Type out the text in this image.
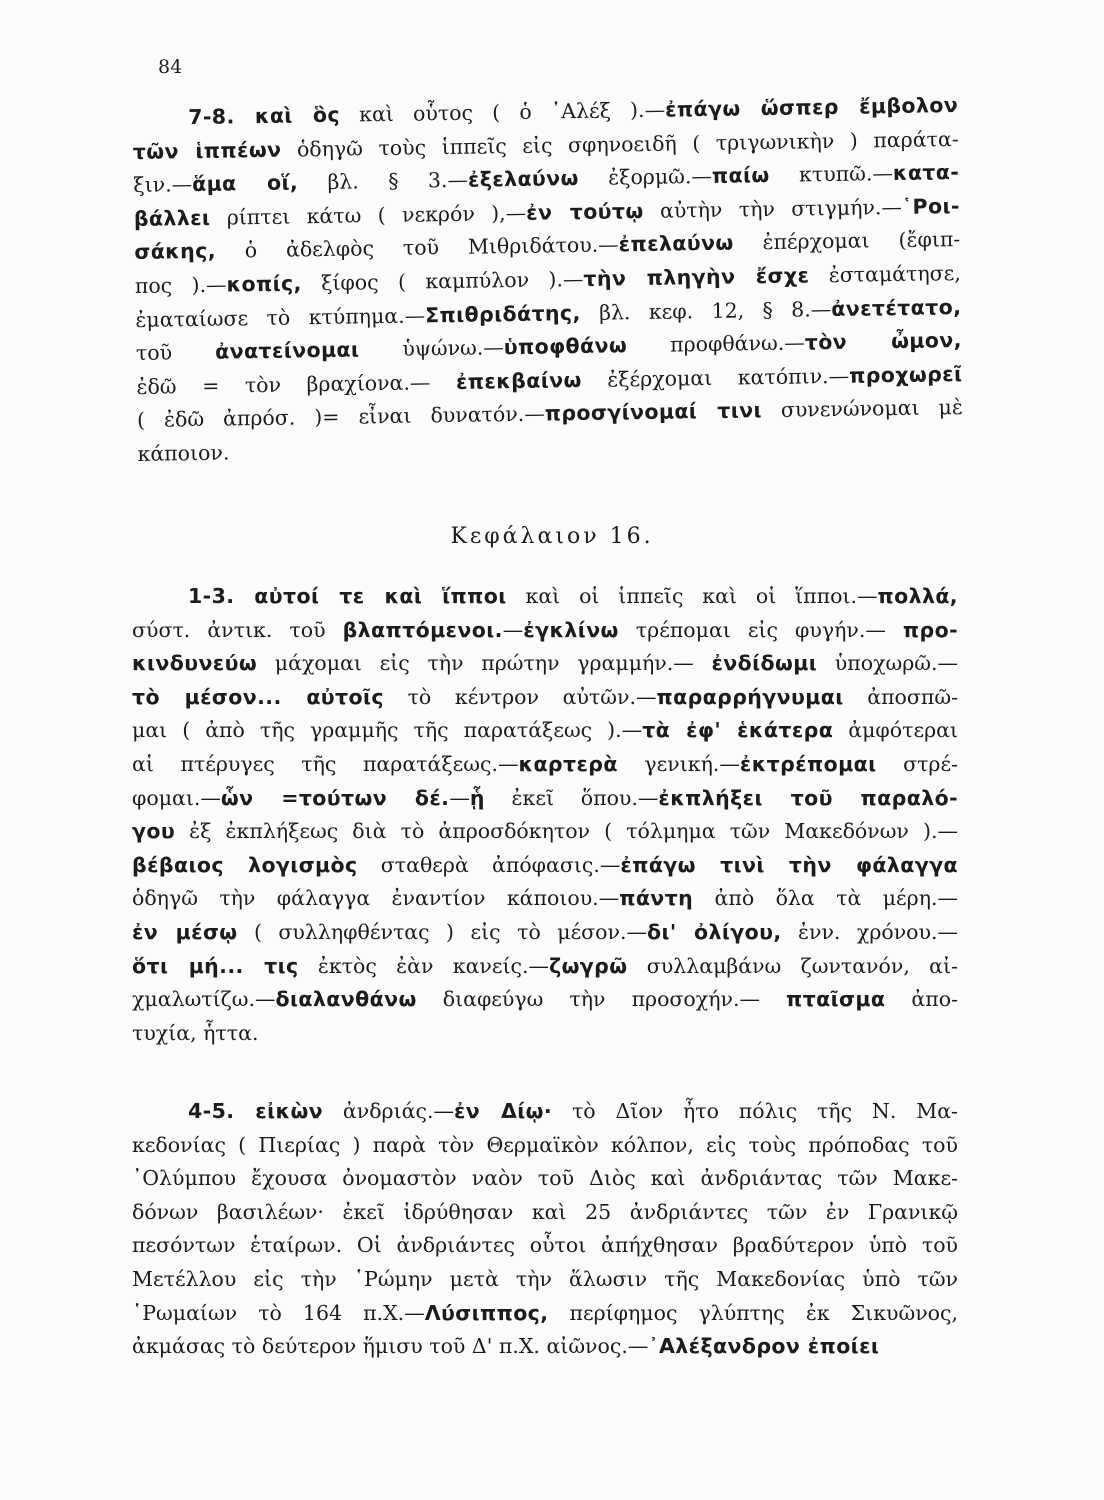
84
7-8. καὶ ὃς καὶ οὗτος ( ὁ ᾿Αλέξ ).—ἐπάγω ὥσπερ ἔμβολον
τῶν ἱππέων ὁδηγῶ τοὺς ἱππεῖς εἰς σφηνοειδῆ ( τριγωνικὴν ) παράτα-
ξιν.—ἅμα οἵ, βλ. § 3.—ἐξελαύνω ἐξορμῶ.—παίω κτυπῶ.—κατα-
βάλλει ρίπτει κάτω ( νεκρόν ),—ἐν τούτῳ αὐτὴν τὴν στιγμήν.—῾Ροι-
σάκης, ὁ ἀδελφὸς τοῦ Μιθριδάτου.—ἐπελαύνω ἐπέρχομαι (ἔφιπ-
πος ).—κοπίς, ξίφος ( καμπύλον ).—τὴν πληγὴν ἔσχε ἐσταμάτησε,
ἐματαίωσε τὸ κτύπημα.—Σπιθριδάτης, βλ. κεφ. 12, § 8.—ἀνετέτατο,
τοῦ ἀνατείνομαι ὑψώνω.—ὑποφθάνω προφθάνω.—τὸν ὦμον,
ἐδῶ = τὸν βραχίονα.— ἐπεκβαίνω ἐξέρχομαι κατόπιν.—προχωρεῖ
( ἐδῶ ἀπρόσ. )= εἶναι δυνατόν.—προσγίνομαί τινι συνενώνομαι μὲ
κάποιον.
Κεφάλαιον 16.
1-3. αὐτοί τε καὶ ἵπποι καὶ οἱ ἱππεῖς καὶ οἱ ἵπποι.—πολλά,
σύστ. ἀντικ. τοῦ βλαπτόμενοι.—ἐγκλίνω τρέπομαι εἰς φυγήν.— προ-
κινδυνεύω μάχομαι εἰς τὴν πρώτην γραμμήν.— ἐνδίδωμι ὑποχωρῶ.—
τὸ μέσον... αὐτοῖς τὸ κέντρον αὐτῶν.—παραρρήγνυμαι ἀποσπῶ-
μαι ( ἀπὸ τῆς γραμμῆς τῆς παρατάξεως ).—τὰ ἐφ' ἑκάτερα ἀμφότεραι
αἱ πτέρυγες τῆς παρατάξεως.—καρτερὰ γενική.—ἐκτρέπομαι στρέ-
φομαι.—ὧν =τούτων δέ.—ᾗ ἐκεῖ ὅπου.—ἐκπλήξει τοῦ παραλό-
γου ἐξ ἐκπλήξεως διὰ τὸ ἀπροσδόκητον ( τόλμημα τῶν Μακεδόνων ).—
βέβαιος λογισμὸς σταθερὰ ἀπόφασις.—ἐπάγω τινὶ τὴν φάλαγγα
ὁδηγῶ τὴν φάλαγγα ἐναντίον κάποιου.—πάντη ἀπὸ ὅλα τὰ μέρη.—
ἐν μέσῳ ( συλληφθέντας ) εἰς τὸ μέσον.—δι' ὀλίγου, ἐνν. χρόνου.—
ὅτι μή... τις ἐκτὸς ἐὰν κανείς.—ζωγρῶ συλλαμβάνω ζωντανόν, αἰ-
χμαλωτίζω.—διαλανθάνω διαφεύγω τὴν προσοχήν.— πταῖσμα ἀπο-
τυχία, ἧττα.
4-5. εἰκὼν ἀνδριάς.—ἐν Δίῳ· τὸ Δῖον ἦτο πόλις τῆς Ν. Μα-
κεδονίας ( Πιερίας ) παρὰ τὸν Θερμαϊκὸν κόλπον, εἰς τοὺς πρόποδας τοῦ
᾿Ολύμπου ἔχουσα ὀνομαστὸν ναὸν τοῦ Διὸς καὶ ἀνδριάντας τῶν Μακε-
δόνων βασιλέων· ἐκεῖ ἱδρύθησαν καὶ 25 ἀνδριάντες τῶν ἐν Γρανικῷ
πεσόντων ἑταίρων. Οἱ ἀνδριάντες οὗτοι ἀπήχθησαν βραδύτερον ὑπὸ τοῦ
Μετέλλου εἰς τὴν ῾Ρώμην μετὰ τὴν ἅλωσιν τῆς Μακεδονίας ὑπὸ τῶν
῾Ρωμαίων τὸ 164 π.Χ.—Λύσιππος, περίφημος γλύπτης ἐκ Σικυῶνος,
ἀκμάσας τὸ δεύτερον ἥμισυ τοῦ Δ' π.Χ. αἰῶνος.—᾿Αλέξανδρον ἐποίει
